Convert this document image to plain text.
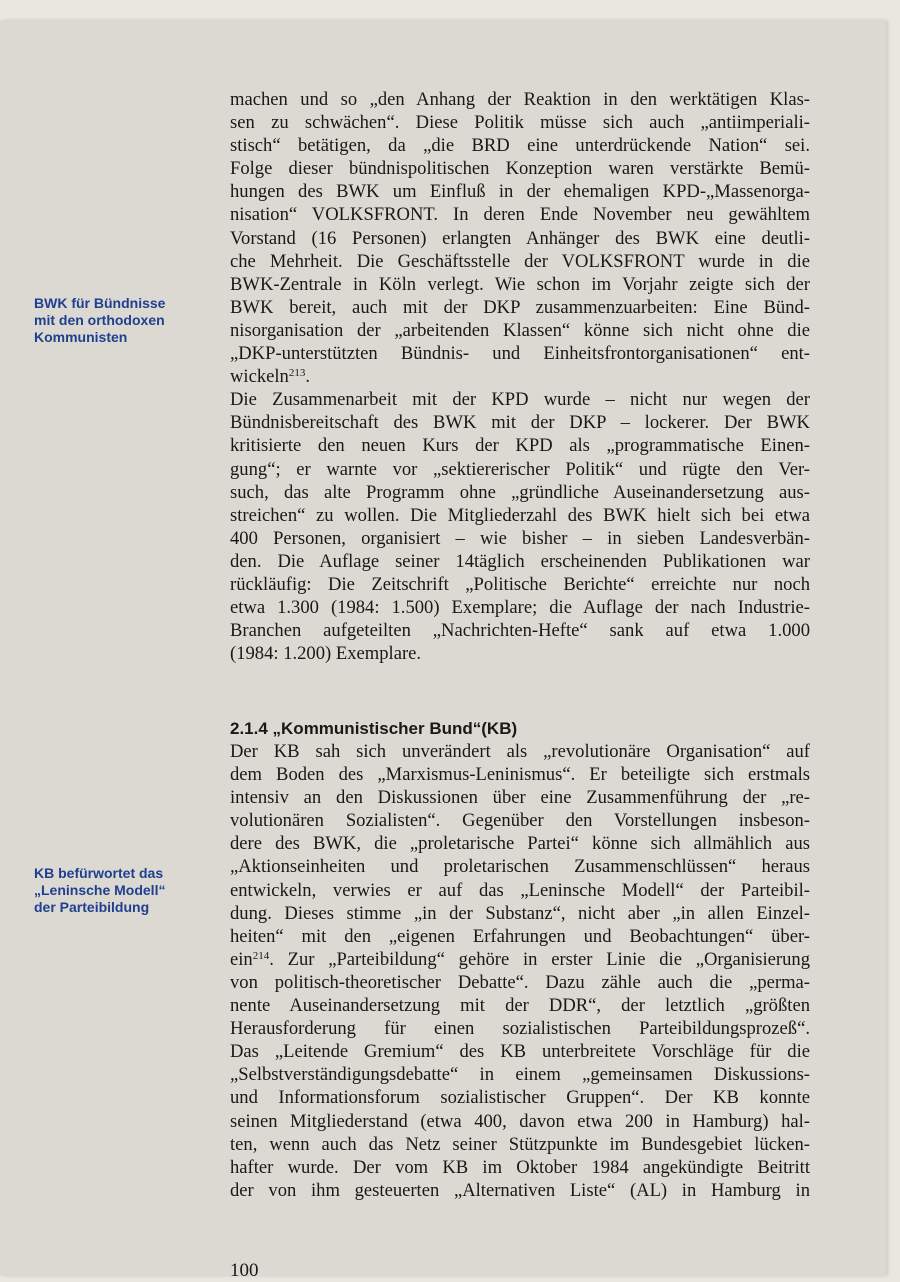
BWK für Bündnisse
mit den orthodoxen
Kommunisten
KB befürwortet das
„Leninsche Modell“
der Parteibildung
machen und so „den Anhang der Reaktion in den werktätigen Klas-
sen zu schwächen“. Diese Politik müsse sich auch „antiimperiali-
stisch“ betätigen, da „die BRD eine unterdrückende Nation“ sei.
Folge dieser bündnispolitischen Konzeption waren verstärkte Bemü-
hungen des BWK um Einfluß in der ehemaligen KPD-„Massenorga-
nisation“ VOLKSFRONT. In deren Ende November neu gewähltem
Vorstand (16 Personen) erlangten Anhänger des BWK eine deutli-
che Mehrheit. Die Geschäftsstelle der VOLKSFRONT wurde in die
BWK-Zentrale in Köln verlegt. Wie schon im Vorjahr zeigte sich der
BWK bereit, auch mit der DKP zusammenzuarbeiten: Eine Bünd-
nisorganisation der „arbeitenden Klassen“ könne sich nicht ohne die
„DKP-unterstützten Bündnis- und Einheitsfrontorganisationen“ ent-
wickeln$^{213}$.
Die Zusammenarbeit mit der KPD wurde – nicht nur wegen der
Bündnisbereitschaft des BWK mit der DKP – lockerer. Der BWK
kritisierte den neuen Kurs der KPD als „programmatische Einen-
gung“; er warnte vor „sektiererischer Politik“ und rügte den Ver-
such, das alte Programm ohne „gründliche Auseinandersetzung aus-
streichen“ zu wollen. Die Mitgliederzahl des BWK hielt sich bei etwa
400 Personen, organisiert – wie bisher – in sieben Landesverbän-
den. Die Auflage seiner 14täglich erscheinenden Publikationen war
rückläufig: Die Zeitschrift „Politische Berichte“ erreichte nur noch
etwa 1.300 (1984: 1.500) Exemplare; die Auflage der nach Industrie-
Branchen aufgeteilten „Nachrichten-Hefte“ sank auf etwa 1.000
(1984: 1.200) Exemplare.
2.1.4 „Kommunistischer Bund“(KB)
Der KB sah sich unverändert als „revolutionäre Organisation“ auf
dem Boden des „Marxismus-Leninismus“. Er beteiligte sich erstmals
intensiv an den Diskussionen über eine Zusammenführung der „re-
volutionären Sozialisten“. Gegenüber den Vorstellungen insbeson-
dere des BWK, die „proletarische Partei“ könne sich allmählich aus
„Aktionseinheiten und proletarischen Zusammenschlüssen“ heraus
entwickeln, verwies er auf das „Leninsche Modell“ der Parteibil-
dung. Dieses stimme „in der Substanz“, nicht aber „in allen Einzel-
heiten“ mit den „eigenen Erfahrungen und Beobachtungen“ über-
ein$^{214}$. Zur „Parteibildung“ gehöre in erster Linie die „Organisierung
von politisch-theoretischer Debatte“. Dazu zähle auch die „perma-
nente Auseinandersetzung mit der DDR“, der letztlich „größten
Herausforderung für einen sozialistischen Parteibildungsprozeß“.
Das „Leitende Gremium“ des KB unterbreitete Vorschläge für die
„Selbstverständigungsdebatte“ in einem „gemeinsamen Diskussions-
und Informationsforum sozialistischer Gruppen“. Der KB konnte
seinen Mitgliederstand (etwa 400, davon etwa 200 in Hamburg) hal-
ten, wenn auch das Netz seiner Stützpunkte im Bundesgebiet lücken-
hafter wurde. Der vom KB im Oktober 1984 angekündigte Beitritt
der von ihm gesteuerten „Alternativen Liste“ (AL) in Hamburg in
100
